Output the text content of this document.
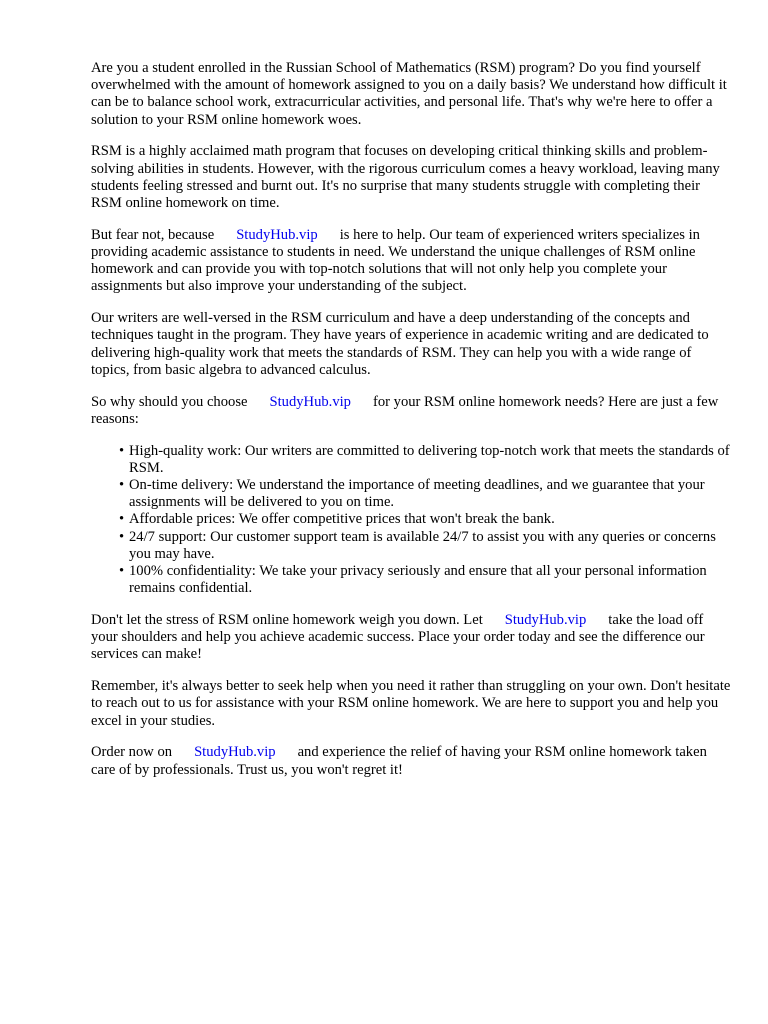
Are you a student enrolled in the Russian School of Mathematics (RSM) program? Do you find yourself overwhelmed with the amount of homework assigned to you on a daily basis? We understand how difficult it can be to balance school work, extracurricular activities, and personal life. That's why we're here to offer a solution to your RSM online homework woes.

RSM is a highly acclaimed math program that focuses on developing critical thinking skills and problem-solving abilities in students. However, with the rigorous curriculum comes a heavy workload, leaving many students feeling stressed and burnt out. It's no surprise that many students struggle with completing their RSM online homework on time.

But fear not, because StudyHub.vip is here to help. Our team of experienced writers specializes in providing academic assistance to students in need. We understand the unique challenges of RSM online homework and can provide you with top-notch solutions that will not only help you complete your assignments but also improve your understanding of the subject.

Our writers are well-versed in the RSM curriculum and have a deep understanding of the concepts and techniques taught in the program. They have years of experience in academic writing and are dedicated to delivering high-quality work that meets the standards of RSM. They can help you with a wide range of topics, from basic algebra to advanced calculus.

So why should you choose StudyHub.vip for your RSM online homework needs? Here are just a few reasons:

• High-quality work: Our writers are committed to delivering top-notch work that meets the standards of RSM.
• On-time delivery: We understand the importance of meeting deadlines, and we guarantee that your assignments will be delivered to you on time.
• Affordable prices: We offer competitive prices that won't break the bank.
• 24/7 support: Our customer support team is available 24/7 to assist you with any queries or concerns you may have.
• 100% confidentiality: We take your privacy seriously and ensure that all your personal information remains confidential.

Don't let the stress of RSM online homework weigh you down. Let StudyHub.vip take the load off your shoulders and help you achieve academic success. Place your order today and see the difference our services can make!

Remember, it's always better to seek help when you need it rather than struggling on your own. Don't hesitate to reach out to us for assistance with your RSM online homework. We are here to support you and help you excel in your studies.

Order now on StudyHub.vip and experience the relief of having your RSM online homework taken care of by professionals. Trust us, you won't regret it!
